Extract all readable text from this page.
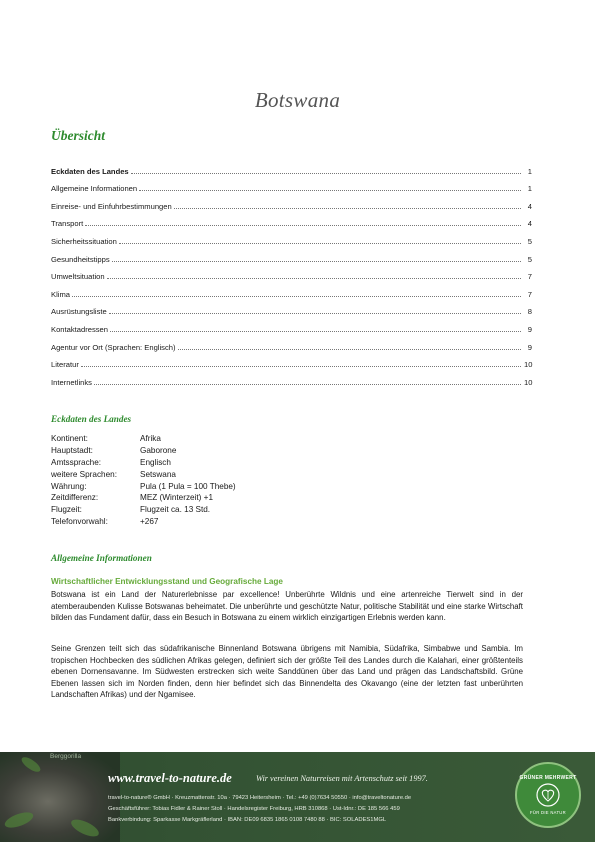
Botswana
Übersicht
Eckdaten des Landes	1
Allgemeine Informationen	1
Einreise- und Einfuhrbestimmungen	4
Transport	4
Sicherheitssituation	5
Gesundheitstipps	5
Umweltsituation	7
Klima	7
Ausrüstungsliste	8
Kontaktadressen	9
Agentur vor Ort (Sprachen: Englisch)	9
Literatur	10
Internetlinks	10
Eckdaten des Landes
Kontinent:	Afrika
Hauptstadt:	Gaborone
Amtssprache:	Englisch
weitere Sprachen:	Setswana
Währung:	Pula (1 Pula = 100 Thebe)
Zeitdifferenz:	MEZ (Winterzeit) +1
Flugzeit:	Flugzeit ca. 13 Std.
Telefonvorwahl:	+267
Allgemeine Informationen
Wirtschaftlicher Entwicklungsstand und Geografische Lage
Botswana ist ein Land der Naturerlebnisse par excellence! Unberührte Wildnis und eine artenreiche Tierwelt sind in der atemberaubenden Kulisse Botswanas beheimatet. Die unberührte und geschützte Natur, politische Stabilität und eine starke Wirtschaft bilden das Fundament dafür, dass ein Besuch in Botswana zu einem wirklich einzigartigen Erlebnis werden kann.
Seine Grenzen teilt sich das südafrikanische Binnenland Botswana übrigens mit Namibia, Südafrika, Simbabwe und Sambia. Im tropischen Hochbecken des südlichen Afrikas gelegen, definiert sich der größte Teil des Landes durch die Kalahari, einer größtenteils ebenen Dornensavanne. Im Südwesten erstrecken sich weite Sanddünen über das Land und prägen das Landschaftsbild. Grüne Ebenen lassen sich im Norden finden, denn hier befindet sich das Binnendelta des Okavango (eine der letzten fast unberührten Landschaften Afrikas) und der Ngamisee.
Berggorilla
www.travel-to-nature.de	Wir vereinen Naturreisen mit Artenschutz seit 1997.
travel-to-nature® GmbH · Kreuzmattenstr. 10a · 79423 Heitersheim · Tel.: +49 (0)7634 50550 · info@traveltonature.de
Geschäftsführer: Tobias Fidler & Rainer Stoll · Handelsregister Freiburg, HRB 310868 · Ust-Idnr.: DE 185 566 459
Bankverbindung: Sparkasse Markgräflerland · IBAN: DE09 6835 1865 0108 7480 88 · BIC: SOLADES1MGL
GRÜNER MEHRWERT
FÜR DIE NATUR
